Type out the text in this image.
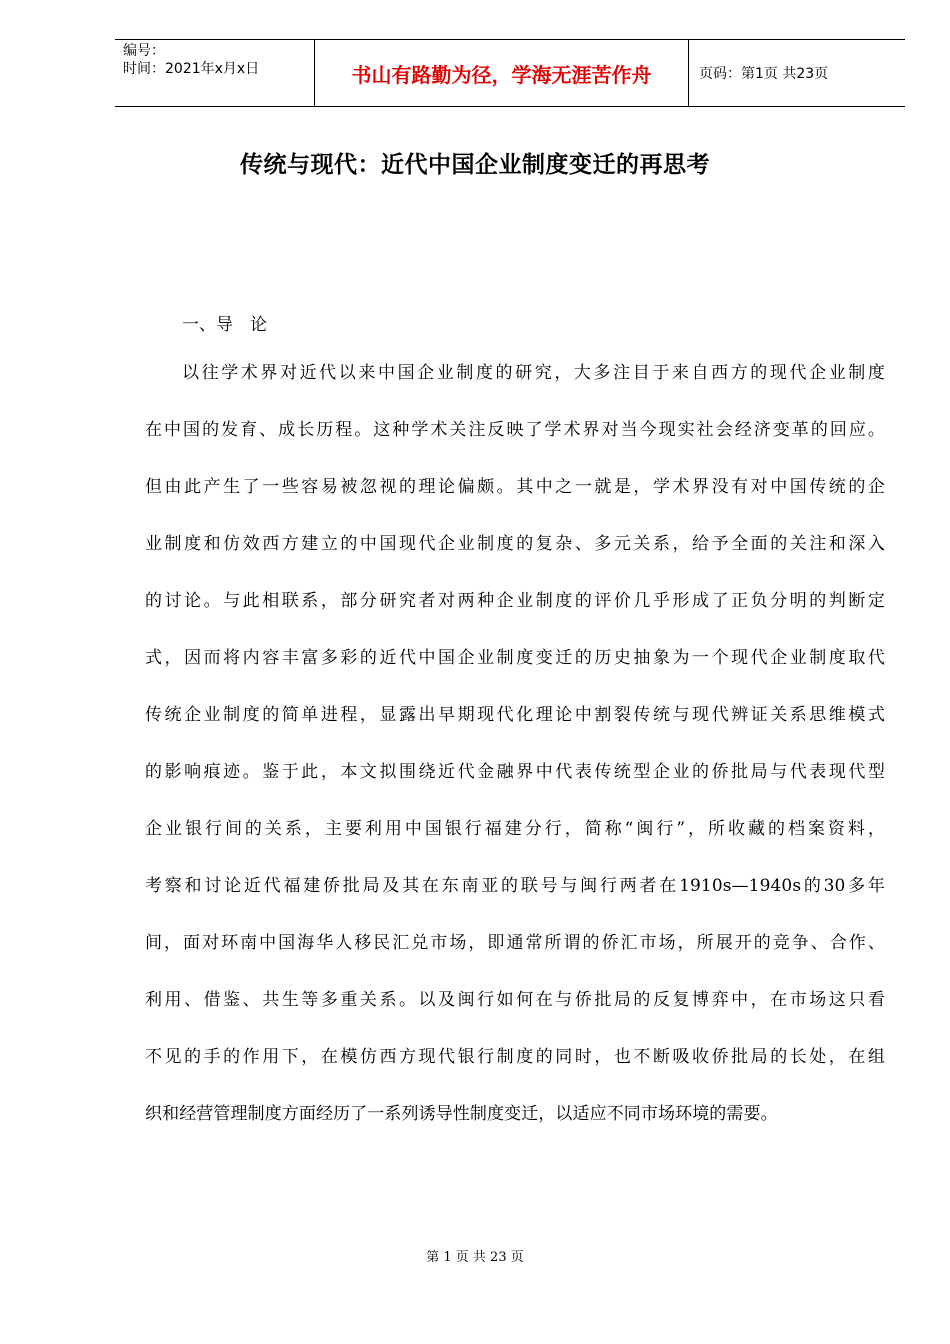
编号：
时间：2021年x月x日	书山有路勤为径，学海无涯苦作舟	页码：第1页 共23页
传统与现代：近代中国企业制度变迁的再思考
一、导　论
以往学术界对近代以来中国企业制度的研究，大多注目于来自西方的现代企业制度
在中国的发育、成长历程。这种学术关注反映了学术界对当今现实社会经济变革的回应。
但由此产生了一些容易被忽视的理论偏颇。其中之一就是，学术界没有对中国传统的企
业制度和仿效西方建立的中国现代企业制度的复杂、多元关系，给予全面的关注和深入
的讨论。与此相联系，部分研究者对两种企业制度的评价几乎形成了正负分明的判断定
式，因而将内容丰富多彩的近代中国企业制度变迁的历史抽象为一个现代企业制度取代
传统企业制度的简单进程，显露出早期现代化理论中割裂传统与现代辨证关系思维模式
的影响痕迹。鉴于此，本文拟围绕近代金融界中代表传统型企业的侨批局与代表现代型
企业银行间的关系，主要利用中国银行福建分行，简称“闽行”，所收藏的档案资料，
考察和讨论近代福建侨批局及其在东南亚的联号与闽行两者在1910s—1940s的30多年
间，面对环南中国海华人移民汇兑市场，即通常所谓的侨汇市场，所展开的竞争、合作、
利用、借鉴、共生等多重关系。以及闽行如何在与侨批局的反复博弈中，在市场这只看
不见的手的作用下，在模仿西方现代银行制度的同时，也不断吸收侨批局的长处，在组
织和经营管理制度方面经历了一系列诱导性制度变迁，以适应不同市场环境的需要。
第 1 页 共 23 页
